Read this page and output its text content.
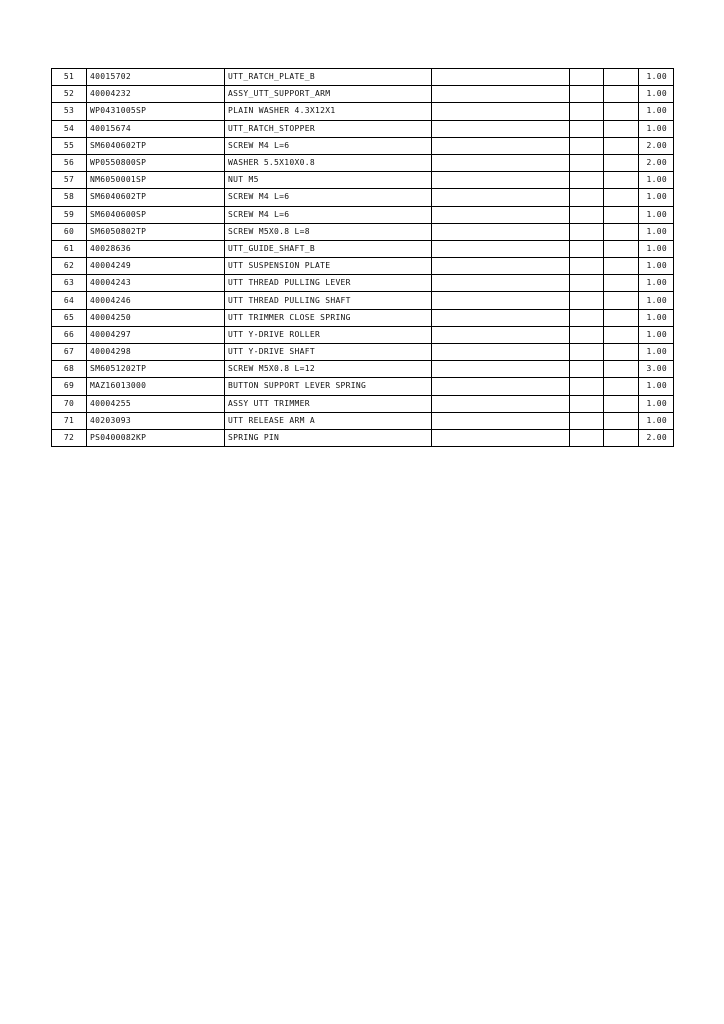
51	40015702	UTT_RATCH_PLATE_B				1.00
52	40004232	ASSY_UTT_SUPPORT_ARM				1.00
53	WP0431005SP	PLAIN WASHER 4.3X12X1				1.00
54	40015674	UTT_RATCH_STOPPER				1.00
55	SM6040602TP	SCREW M4 L=6				2.00
56	WP0550800SP	WASHER 5.5X10X0.8				2.00
57	NM6050001SP	NUT M5				1.00
58	SM6040602TP	SCREW M4 L=6				1.00
59	SM6040600SP	SCREW M4 L=6				1.00
60	SM6050802TP	SCREW M5X0.8 L=8				1.00
61	40028636	UTT_GUIDE_SHAFT_B				1.00
62	40004249	UTT SUSPENSION PLATE				1.00
63	40004243	UTT THREAD PULLING LEVER				1.00
64	40004246	UTT THREAD PULLING SHAFT				1.00
65	40004250	UTT TRIMMER CLOSE SPRING				1.00
66	40004297	UTT Y-DRIVE ROLLER				1.00
67	40004298	UTT Y-DRIVE SHAFT				1.00
68	SM6051202TP	SCREW M5X0.8 L=12				3.00
69	MAZ16013000	BUTTON SUPPORT LEVER SPRING				1.00
70	40004255	ASSY UTT TRIMMER				1.00
71	40203093	UTT RELEASE ARM A				1.00
72	PS0400082KP	SPRING PIN				2.00
